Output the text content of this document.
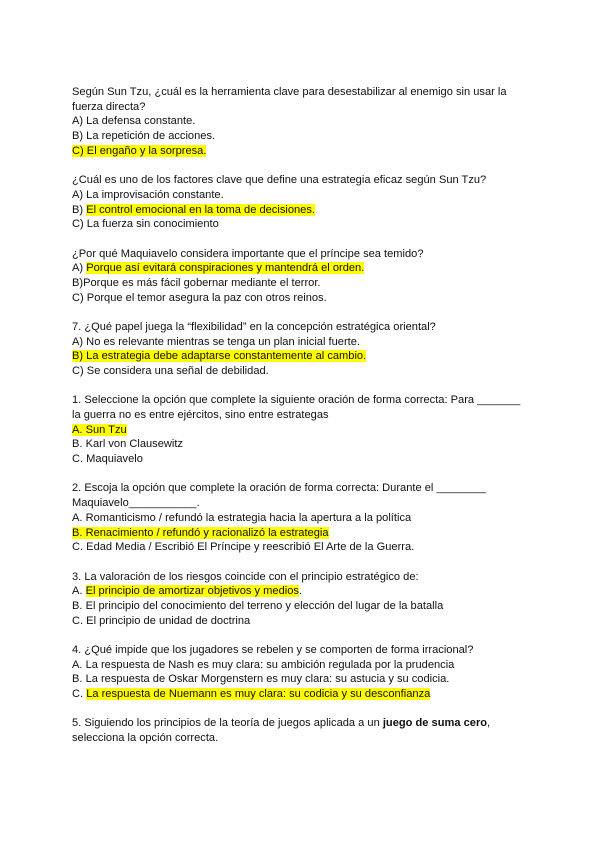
Según Sun Tzu, ¿cuál es la herramienta clave para desestabilizar al enemigo sin usar la fuerza directa?
A) La defensa constante.
B) La repetición de acciones.
C) El engaño y la sorpresa.
¿Cuál es uno de los factores clave que define una estrategia eficaz según Sun Tzu?
A) La improvisación constante.
B) El control emocional en la toma de decisiones.
C) La fuerza sin conocimiento
¿Por qué Maquiavelo considera importante que el príncipe sea temido?
A) Porque así evitará conspiraciones y mantendrá el orden.
B)Porque es más fácil gobernar mediante el terror.
C) Porque el temor asegura la paz con otros reinos.
7. ¿Qué papel juega la “flexibilidad” en la concepción estratégica oriental?
A) No es relevante mientras se tenga un plan inicial fuerte.
B) La estrategia debe adaptarse constantemente al cambio.
C) Se considera una señal de debilidad.
1. Seleccione la opción que complete la siguiente oración de forma correcta: Para _______ la guerra no es entre ejércitos, sino entre estrategas
A. Sun Tzu
B. Karl von Clausewitz
C. Maquiavelo
2. Escoja la opción que complete la oración de forma correcta: Durante el ________ Maquiavelo___________.
A. Romanticismo / refundó la estrategia hacia la apertura a la política
B. Renacimiento / refundó y racionalizó la estrategia
C. Edad Media / Escribió El Príncipe y reescribió El Arte de la Guerra.
3. La valoración de los riesgos coincide con el principio estratégico de:
A. El principio de amortizar objetivos y medios.
B. El principio del conocimiento del terreno y elección del lugar de la batalla
C. El principio de unidad de doctrina
4. ¿Qué impide que los jugadores se rebelen y se comporten de forma irracional?
A. La respuesta de Nash es muy clara: su ambición regulada por la prudencia
B. La respuesta de Oskar Morgenstern es muy clara: su astucia y su codicia.
C. La respuesta de Nuemann es muy clara: su codicia y su desconfianza
5. Siguiendo los principios de la teoría de juegos aplicada a un juego de suma cero, selecciona la opción correcta.
